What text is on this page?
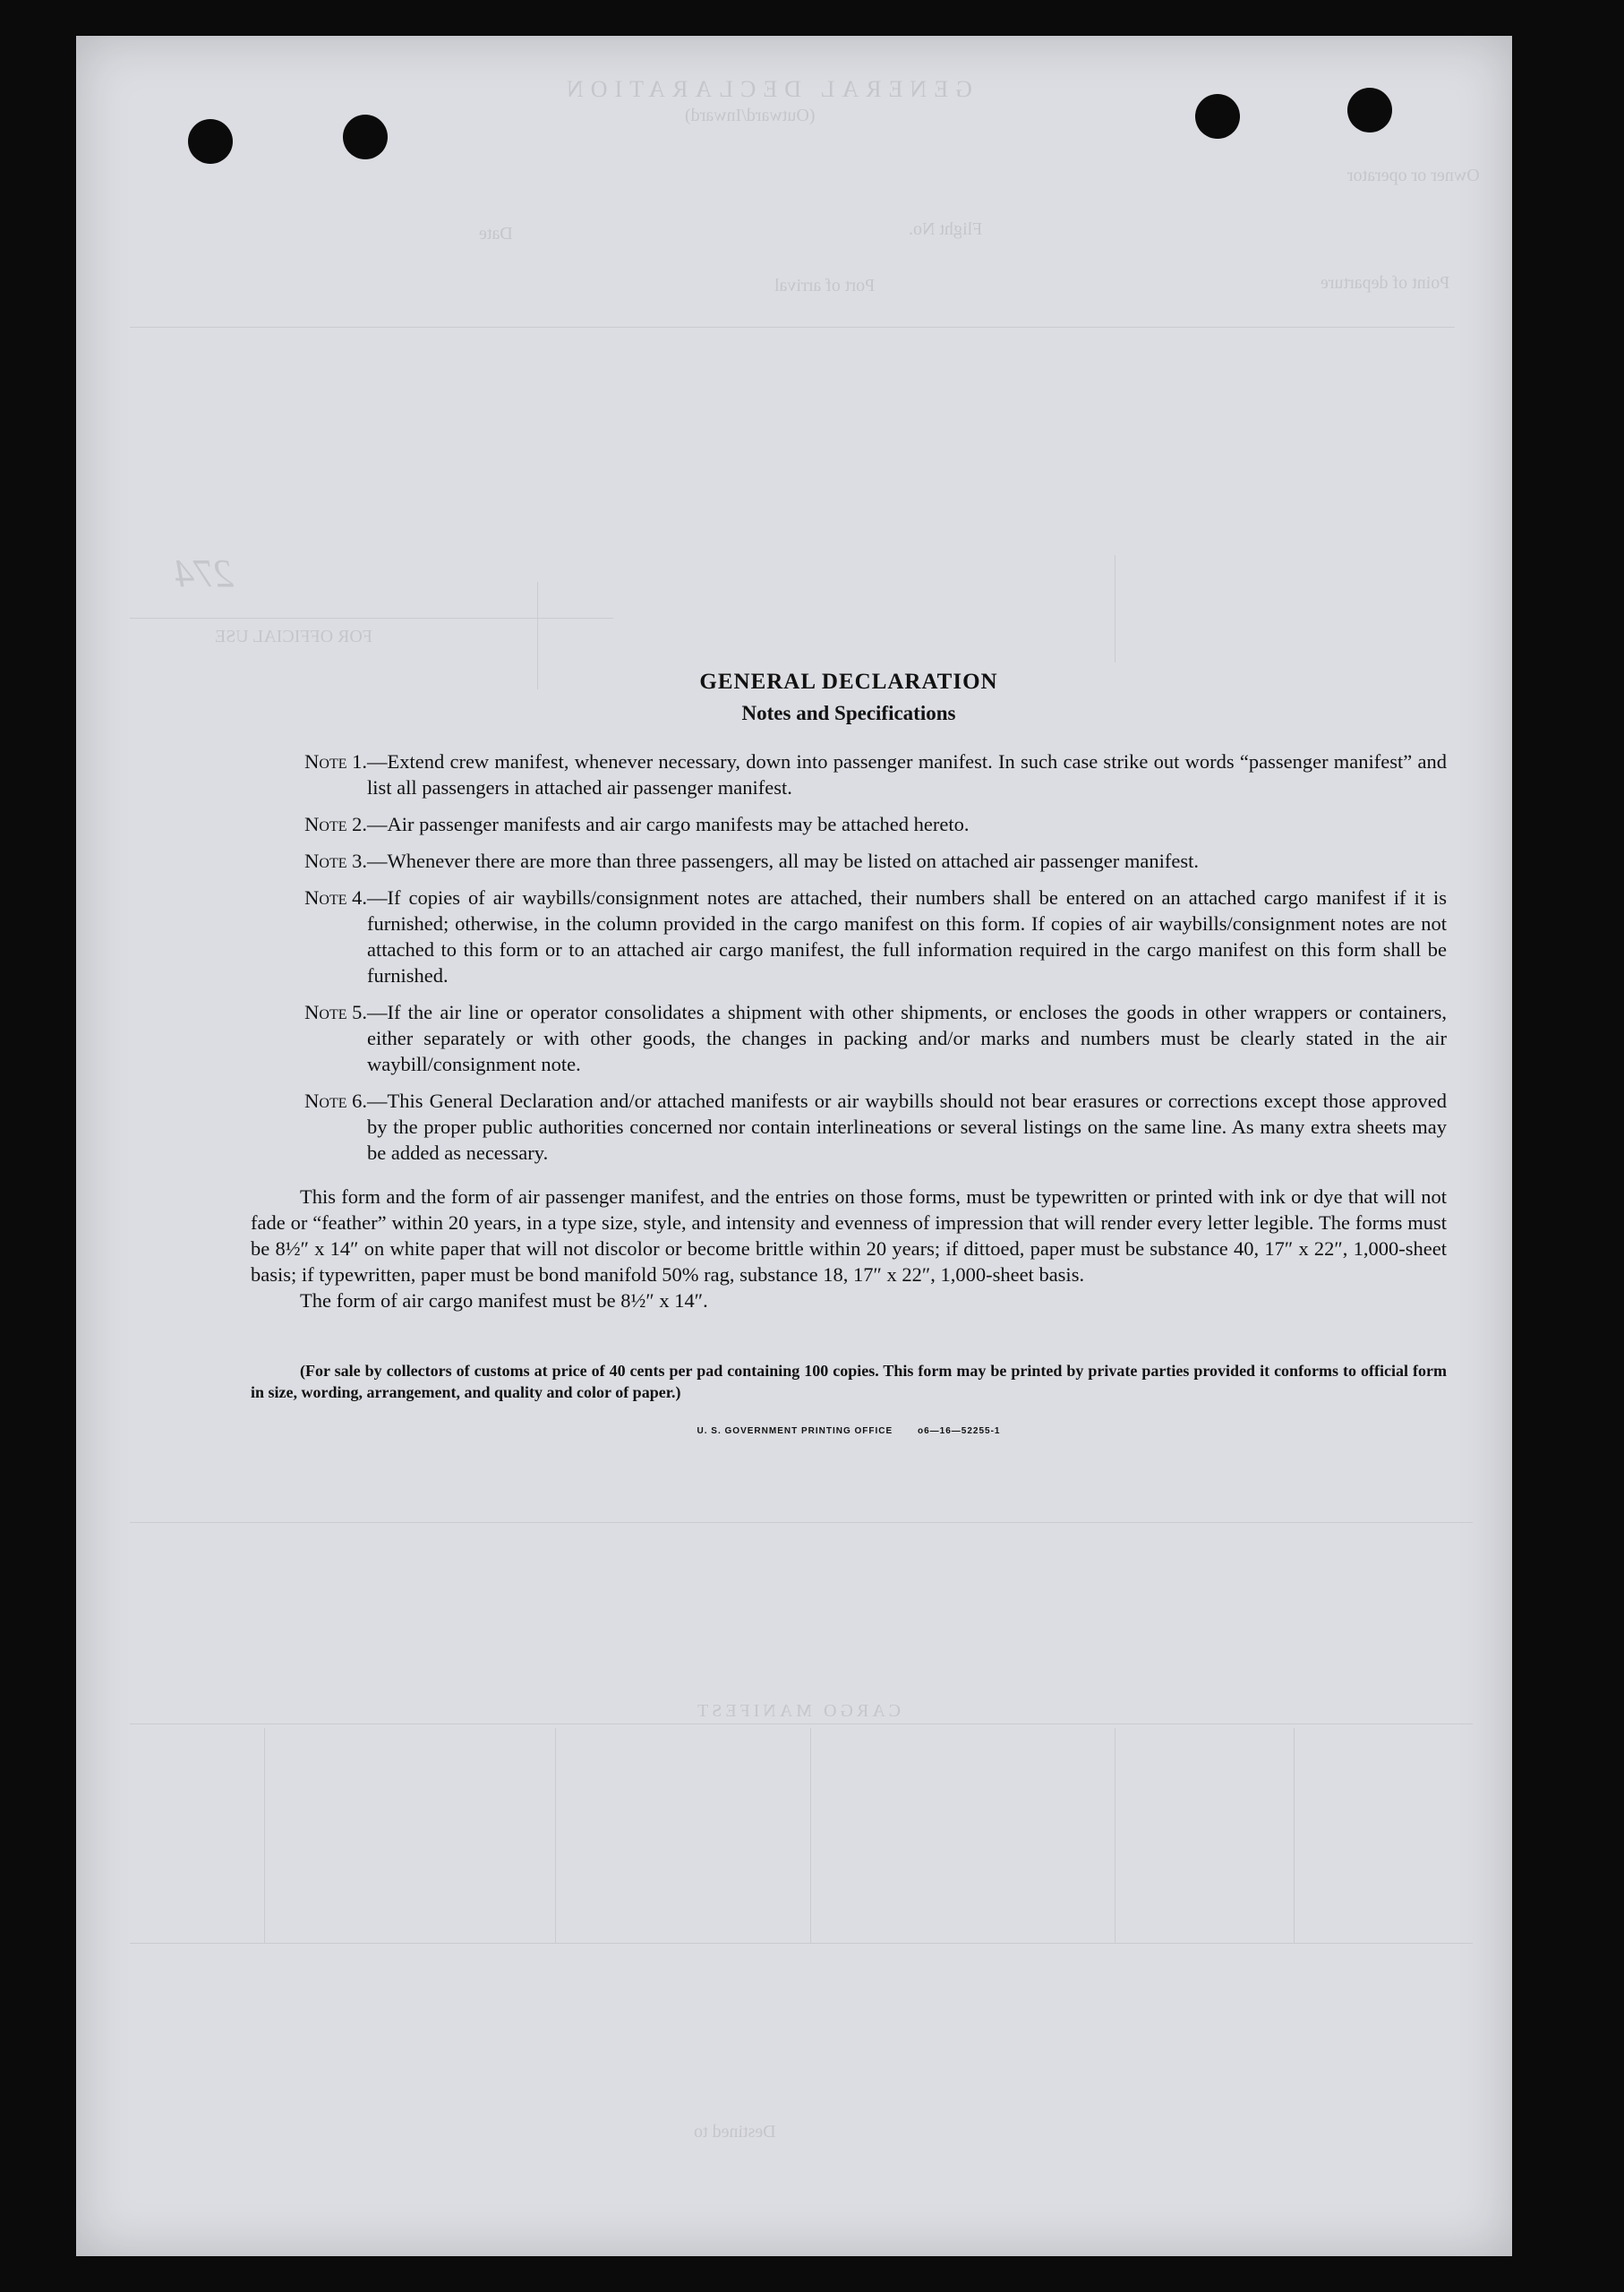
GENERAL DECLARATION
(Outward/Inward)
Owner or operator
Flight No.
Date
Point of departure
Port of arrival
274
FOR OFFICIAL USE
CARGO MANIFEST
Destined to
GENERAL DECLARATION
Notes and Specifications
Note 1. —Extend crew manifest, whenever necessary, down into passenger manifest. In such case strike out words “passenger manifest” and list all passengers in attached air passenger manifest.
Note 2. —Air passenger manifests and air cargo manifests may be attached hereto.
Note 3. —Whenever there are more than three passengers, all may be listed on attached air passenger manifest.
Note 4. —If copies of air waybills/consignment notes are attached, their numbers shall be entered on an attached cargo manifest if it is furnished; otherwise, in the column provided in the cargo manifest on this form. If copies of air waybills/consignment notes are not attached to this form or to an attached air cargo manifest, the full information required in the cargo manifest on this form shall be furnished.
Note 5. —If the air line or operator consolidates a shipment with other shipments, or encloses the goods in other wrappers or containers, either separately or with other goods, the changes in packing and/or marks and numbers must be clearly stated in the air waybill/consignment note.
Note 6. —This General Declaration and/or attached manifests or air waybills should not bear erasures or corrections except those approved by the proper public authorities concerned nor contain interlineations or several listings on the same line. As many extra sheets may be added as necessary.
This form and the form of air passenger manifest, and the entries on those forms, must be typewritten or printed with ink or dye that will not fade or “feather” within 20 years, in a type size, style, and intensity and evenness of impression that will render every letter legible. The forms must be 8½″ x 14″ on white paper that will not discolor or become brittle within 20 years; if dittoed, paper must be substance 40, 17″ x 22″, 1,000-sheet basis; if typewritten, paper must be bond manifold 50% rag, substance 18, 17″ x 22″, 1,000-sheet basis.
The form of air cargo manifest must be 8½″ x 14″.
(For sale by collectors of customs at price of 40 cents per pad containing 100 copies. This form may be printed by private parties provided it conforms to official form in size, wording, arrangement, and quality and color of paper.)
U. S. GOVERNMENT PRINTING OFFICE	o6—16—52255-1
